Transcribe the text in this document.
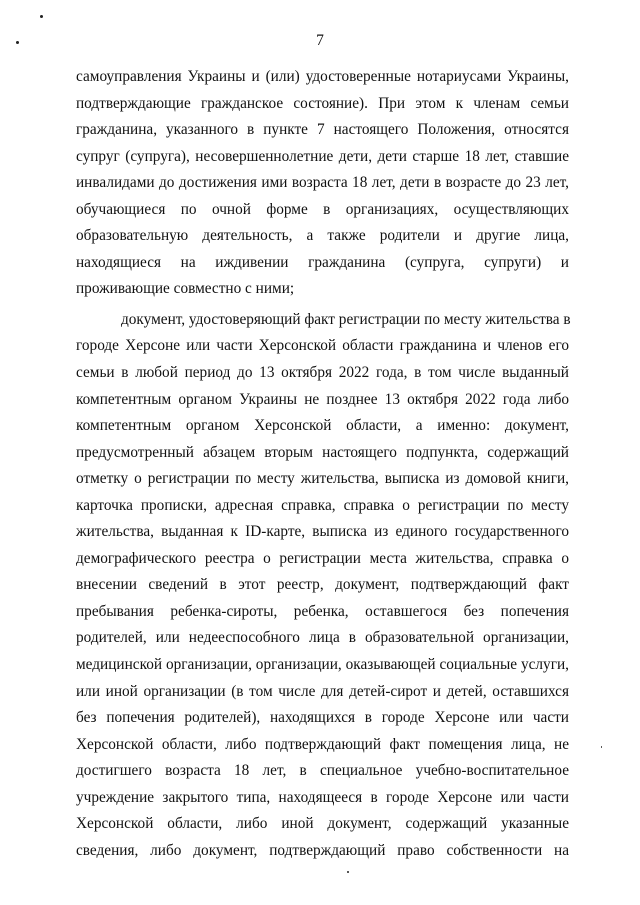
7

самоуправления Украины и (или) удостоверенные нотариусами Украины,
подтверждающие гражданское состояние). При этом к членам семьи
гражданина, указанного в пункте 7 настоящего Положения, относятся
супруг (супруга), несовершеннолетние дети, дети старше 18 лет, ставшие
инвалидами до достижения ими возраста 18 лет, дети в возрасте до 23 лет,
обучающиеся по очной форме в организациях, осуществляющих
образовательную деятельность, а также родители и другие лица,
находящиеся на иждивении гражданина (супруга, супруги) и
проживающие совместно с ними;

документ, удостоверяющий факт регистрации по месту жительства в
городе Херсоне или части Херсонской области гражданина и членов его
семьи в любой период до 13 октября 2022 года, в том числе выданный
компетентным органом Украины не позднее 13 октября 2022 года либо
компетентным органом Херсонской области, а именно: документ,
предусмотренный абзацем вторым настоящего подпункта, содержащий
отметку о регистрации по месту жительства, выписка из домовой книги,
карточка прописки, адресная справка, справка о регистрации по месту
жительства, выданная к ID-карте, выписка из единого государственного
демографического реестра о регистрации места жительства, справка о
внесении сведений в этот реестр, документ, подтверждающий факт
пребывания ребенка-сироты, ребенка, оставшегося без попечения
родителей, или недееспособного лица в образовательной организации,
медицинской организации, организации, оказывающей социальные услуги,
или иной организации (в том числе для детей-сирот и детей, оставшихся
без попечения родителей), находящихся в городе Херсоне или части
Херсонской области, либо подтверждающий факт помещения лица, не
достигшего возраста 18 лет, в специальное учебно-воспитательное
учреждение закрытого типа, находящееся в городе Херсоне или части
Херсонской области, либо иной документ, содержащий указанные
сведения, либо документ, подтверждающий право собственности на
